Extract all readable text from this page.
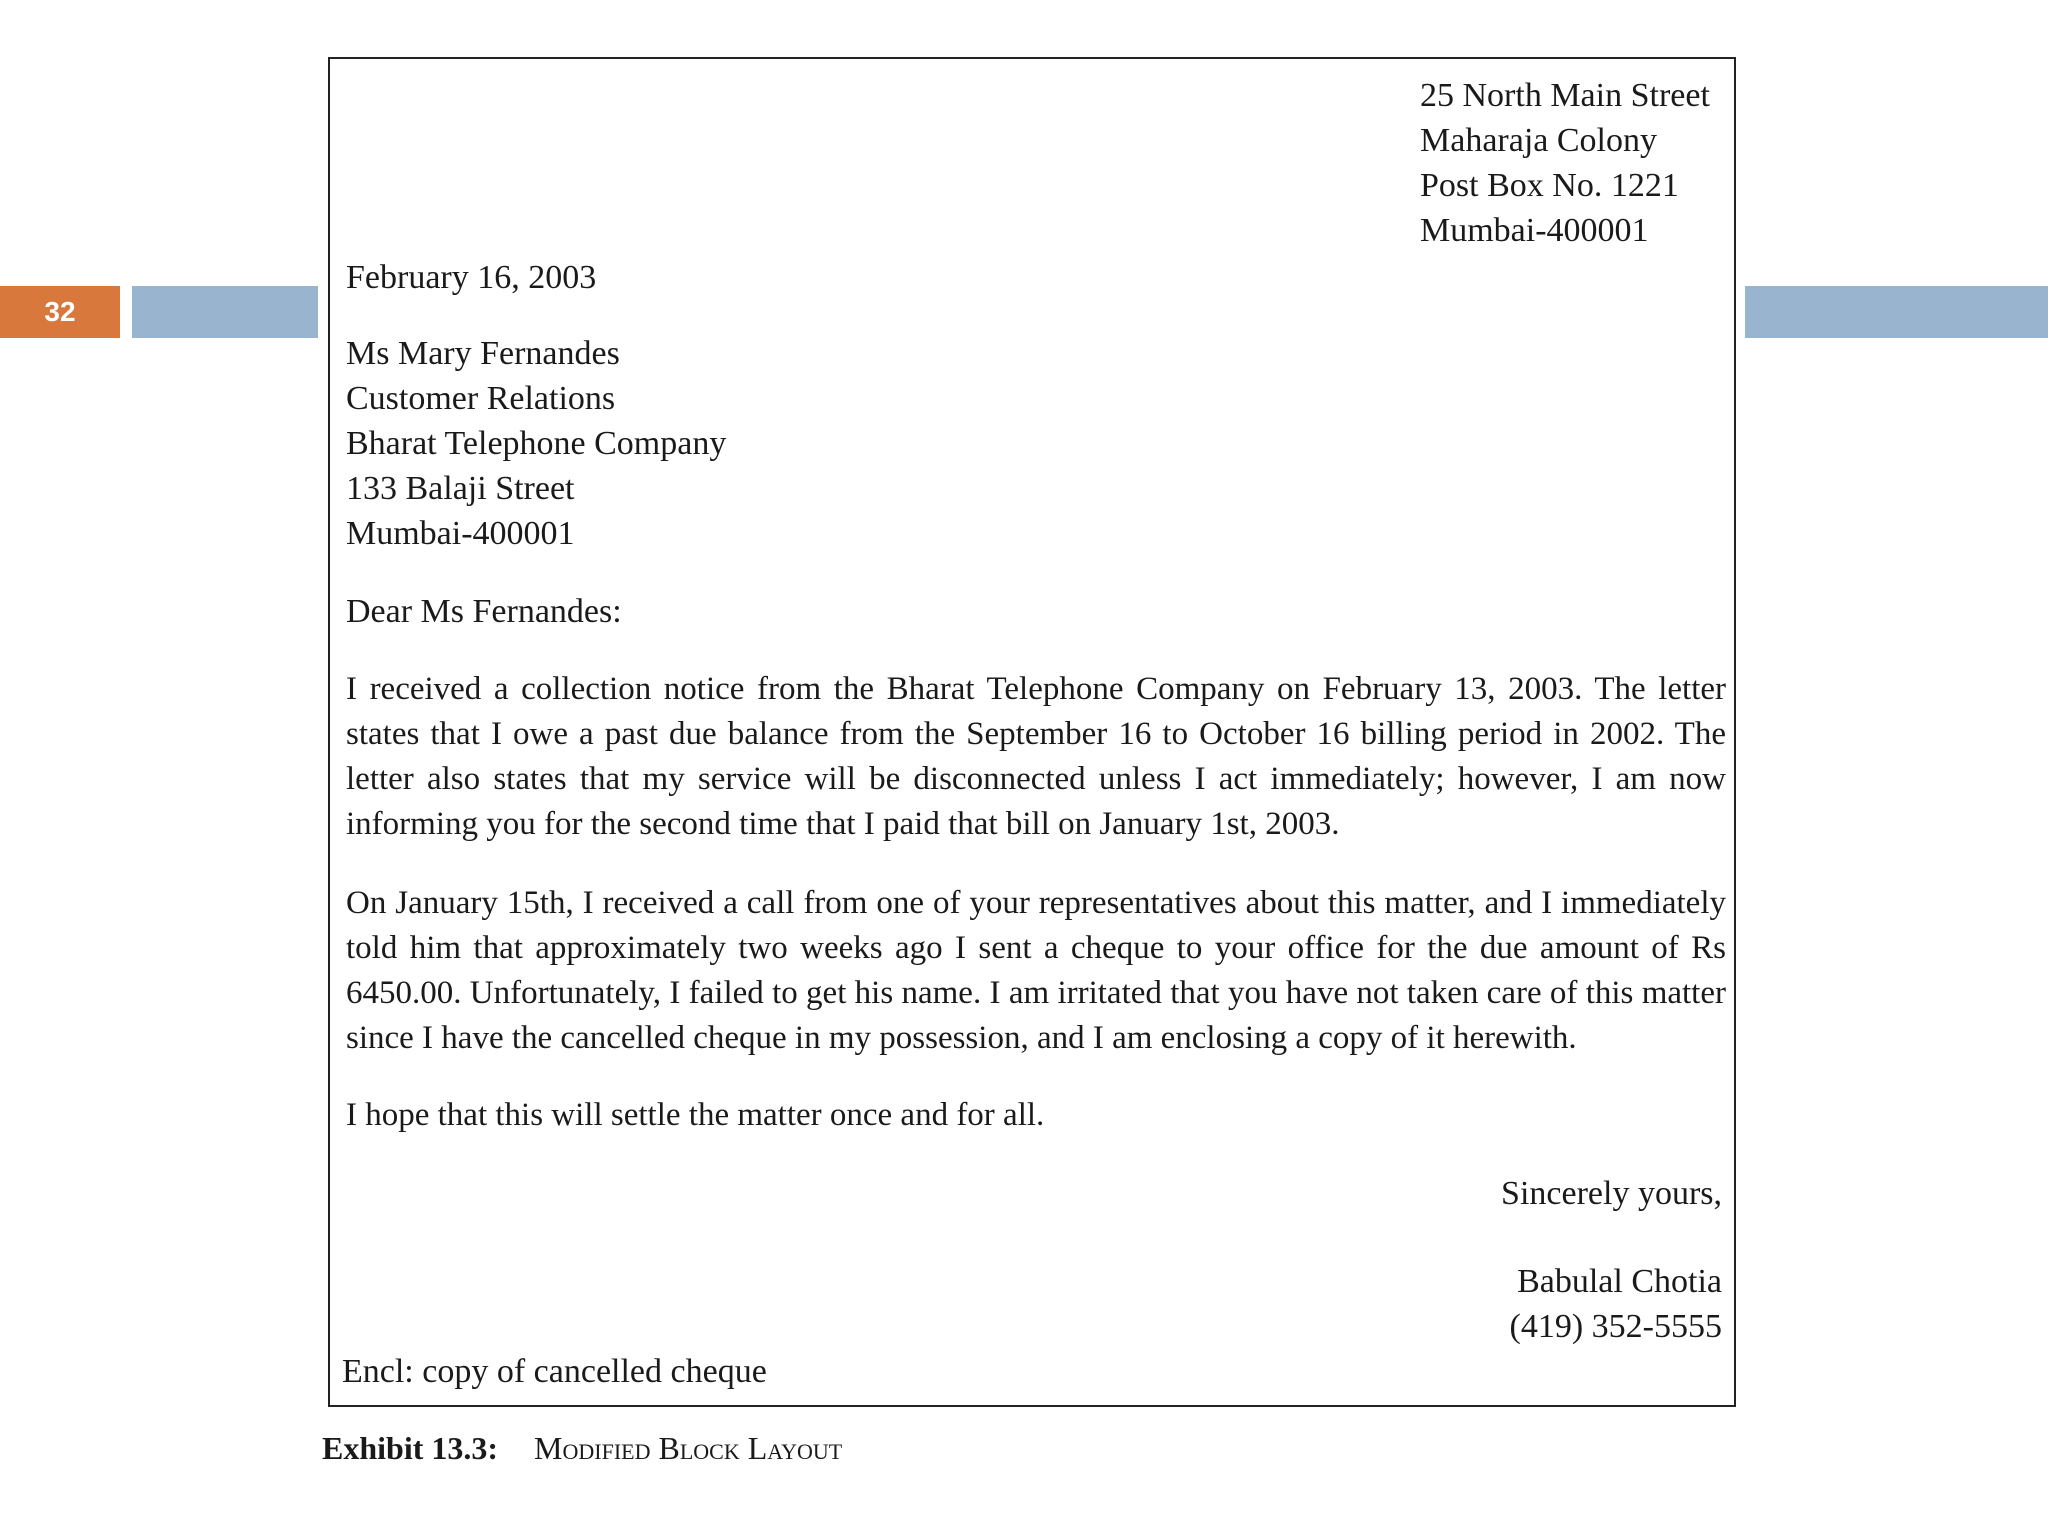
32
25 North Main Street
Maharaja Colony
Post Box No. 1221
Mumbai-400001
February 16, 2003
Ms Mary Fernandes
Customer Relations
Bharat Telephone Company
133 Balaji Street
Mumbai-400001
Dear Ms Fernandes:
I received a collection notice from the Bharat Telephone Company on February 13, 2003. The letter states that I owe a past due balance from the September 16 to October 16 billing period in 2002. The letter also states that my service will be disconnected unless I act immediately; however, I am now informing you for the second time that I paid that bill on January 1st, 2003.
On January 15th, I received a call from one of your representatives about this matter, and I immediately told him that approximately two weeks ago I sent a cheque to your office for the due amount of Rs 6450.00. Unfortunately, I failed to get his name. I am irritated that you have not taken care of this matter since I have the cancelled cheque in my possession, and I am enclosing a copy of it herewith.
I hope that this will settle the matter once and for all.
Sincerely yours,
Babulal Chotia
(419) 352-5555
Encl: copy of cancelled cheque
Exhibit 13.3: Modified Block Layout
